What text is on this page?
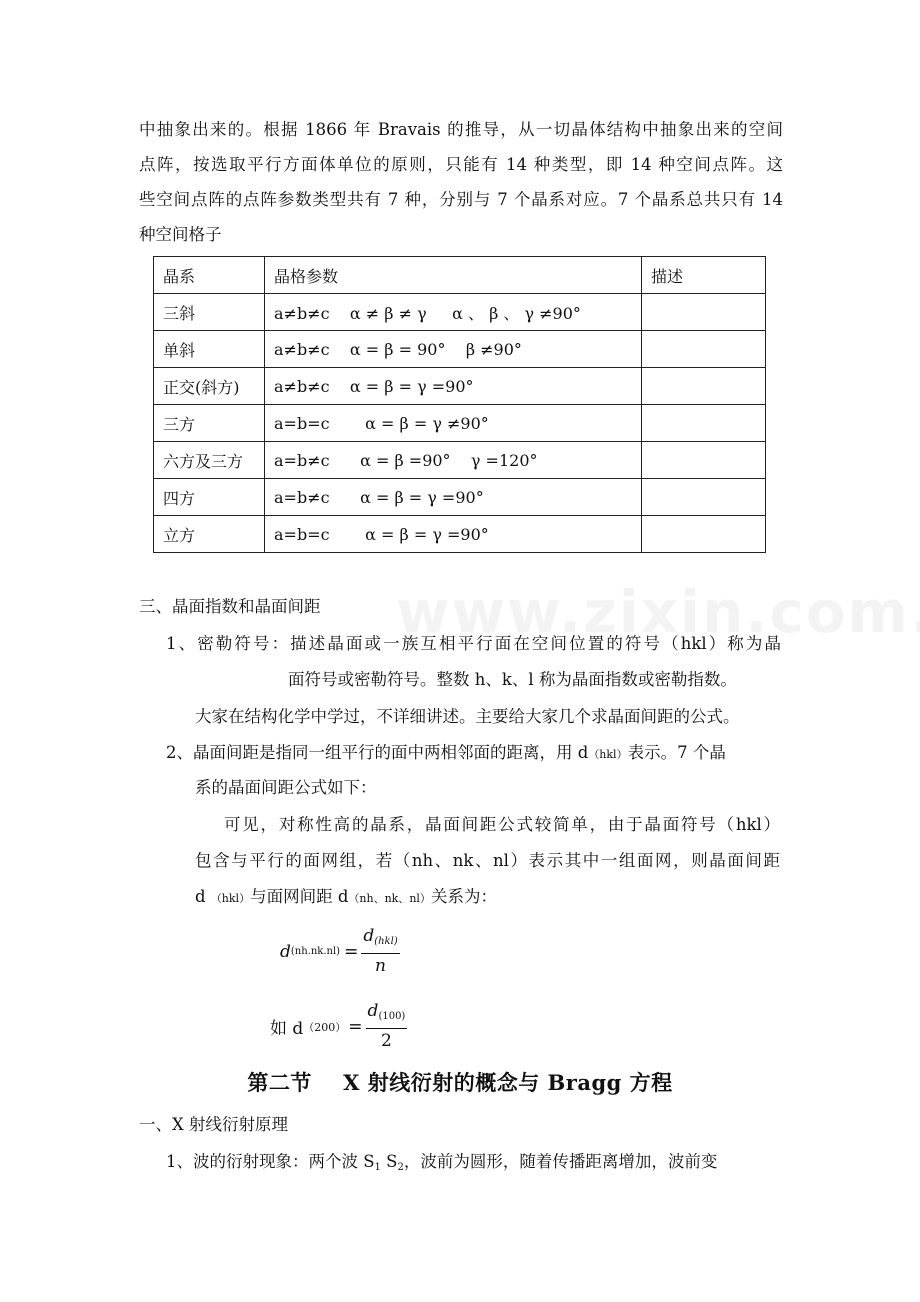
中抽象出来的。根据 1866 年 Bravais 的推导，从一切晶体结构中抽象出来的空间
点阵，按选取平行方面体单位的原则，只能有 14 种类型，即 14 种空间点阵。这
些空间点阵的点阵参数类型共有 7 种，分别与 7 个晶系对应。7 个晶系总共只有 14
种空间格子
晶系	晶格参数	描述
三斜	a≠b≠c    α ≠ β ≠ γ     α 、 β 、 γ ≠90°	
单斜	a≠b≠c    α = β = 90°    β ≠90°	
正交(斜方)	a≠b≠c    α = β = γ =90°	
三方	a=b=c       α = β = γ ≠90°	
六方及三方	a=b≠c      α = β =90°    γ =120°	
四方	a=b≠c      α = β = γ =90°	
立方	a=b=c       α = β = γ =90°	
三、晶面指数和晶面间距
1、密勒符号：描述晶面或一族互相平行面在空间位置的符号（hkl）称为晶
面符号或密勒符号。整数 h、k、l 称为晶面指数或密勒指数。
大家在结构化学中学过，不详细讲述。主要给大家几个求晶面间距的公式。
2、晶面间距是指同一组平行的面中两相邻面的距离，用 d（hkl）表示。7 个晶
系的晶面间距公式如下：
可见，对称性高的晶系，晶面间距公式较简单，由于晶面符号（hkl）
包含与平行的面网组，若（nh、nk、nl）表示其中一组面网，则晶面间距
d （hkl）与面网间距 d（nh、nk、nl）关系为：
d $(nh.nk.nl) = \frac{d_{(hkl)}}{n}$
如 d $(200) = \frac{d_{(100)}}{2}$
第二节    X 射线衍射的概念与 Bragg 方程
一、X 射线衍射原理
1、波的衍射现象：两个波 $S_1$ $S_2$，波前为圆形，随着传播距离增加，波前变
